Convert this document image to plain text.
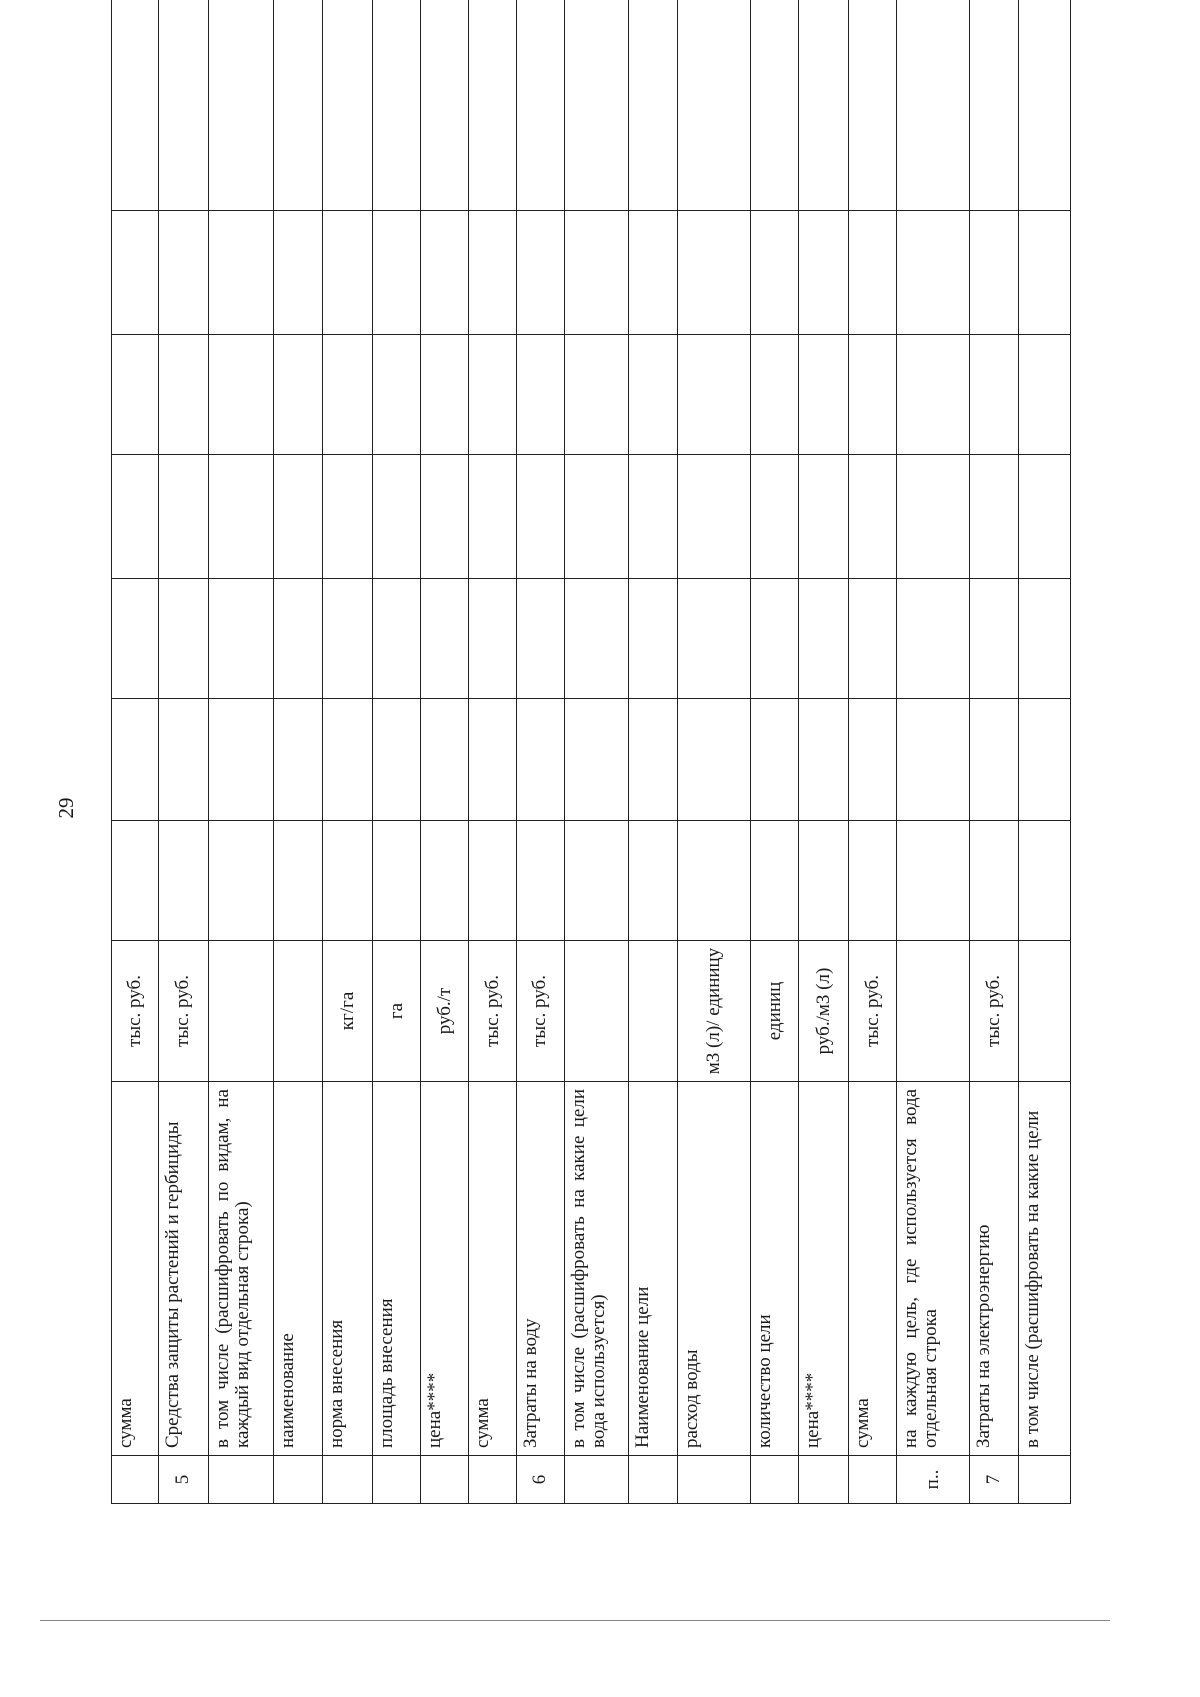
29
	сумма	тыс. руб.							
5	Средства защиты растений и гербициды	тыс. руб.							
	в том числе (расшифровать по видам, на каждый вид отдельная строка)								
	наименование								
	норма внесения	кг/га							
	площадь внесения	га							
	цена****	руб./т							
	сумма	тыс. руб.							
6	Затраты на воду	тыс. руб.							
	в том числе (расшифровать на какие цели вода используется)								
	Наименование цели								
	расход воды	м3 (л)/ единицу							
	количество цели	единиц							
	цена****	руб./м3 (л)							
	сумма	тыс. руб.							
п..	на каждую цель, где используется вода отдельная строка								
7	Затраты на электроэнергию	тыс. руб.							
	в том числе (расшифровать на какие цели								
